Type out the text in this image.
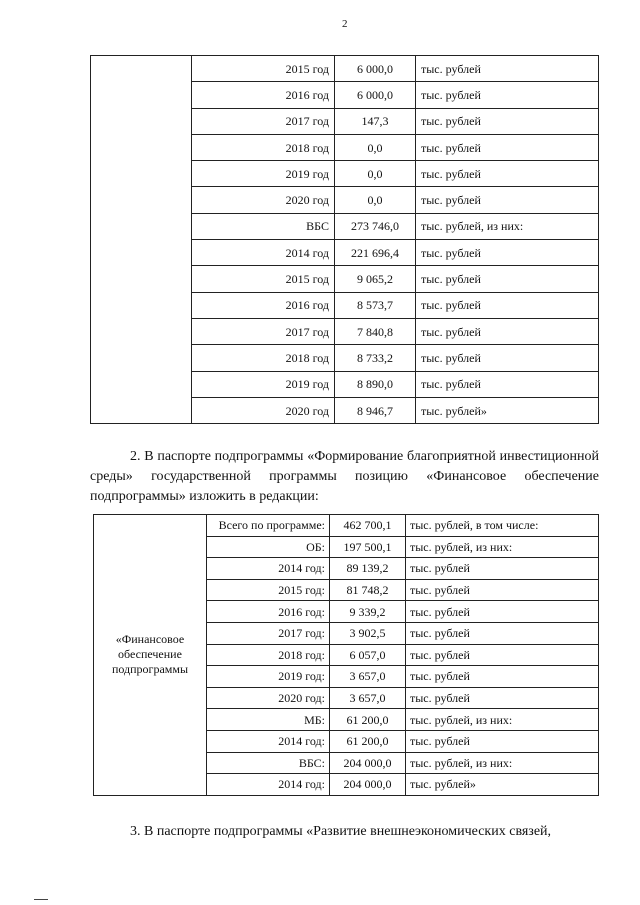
2
	2015 год	6 000,0	тыс. рублей
	2016 год	6 000,0	тыс. рублей
	2017 год	147,3	тыс. рублей
	2018 год	0,0	тыс. рублей
	2019 год	0,0	тыс. рублей
	2020 год	0,0	тыс. рублей
	ВБС	273 746,0	тыс. рублей, из них:
	2014 год	221 696,4	тыс. рублей
	2015 год	9 065,2	тыс. рублей
	2016 год	8 573,7	тыс. рублей
	2017 год	7 840,8	тыс. рублей
	2018 год	8 733,2	тыс. рублей
	2019 год	8 890,0	тыс. рублей
	2020 год	8 946,7	тыс. рублей»
2. В паспорте подпрограммы «Формирование благоприятной инвестиционной среды» государственной программы позицию «Финансовое обеспечение подпрограммы» изложить в редакции:
«Финансовое обеспечение подпрограммы	Всего по программе:	462 700,1	тыс. рублей, в том числе:
	ОБ:	197 500,1	тыс. рублей, из них:
	2014 год:	89 139,2	тыс. рублей
	2015 год:	81 748,2	тыс. рублей
	2016 год:	9 339,2	тыс. рублей
	2017 год:	3 902,5	тыс. рублей
	2018 год:	6 057,0	тыс. рублей
	2019 год:	3 657,0	тыс. рублей
	2020 год:	3 657,0	тыс. рублей
	МБ:	61 200,0	тыс. рублей, из них:
	2014 год:	61 200,0	тыс. рублей
	ВБС:	204 000,0	тыс. рублей, из них:
	2014 год:	204 000,0	тыс. рублей»
3. В паспорте подпрограммы «Развитие внешнеэкономических связей,
